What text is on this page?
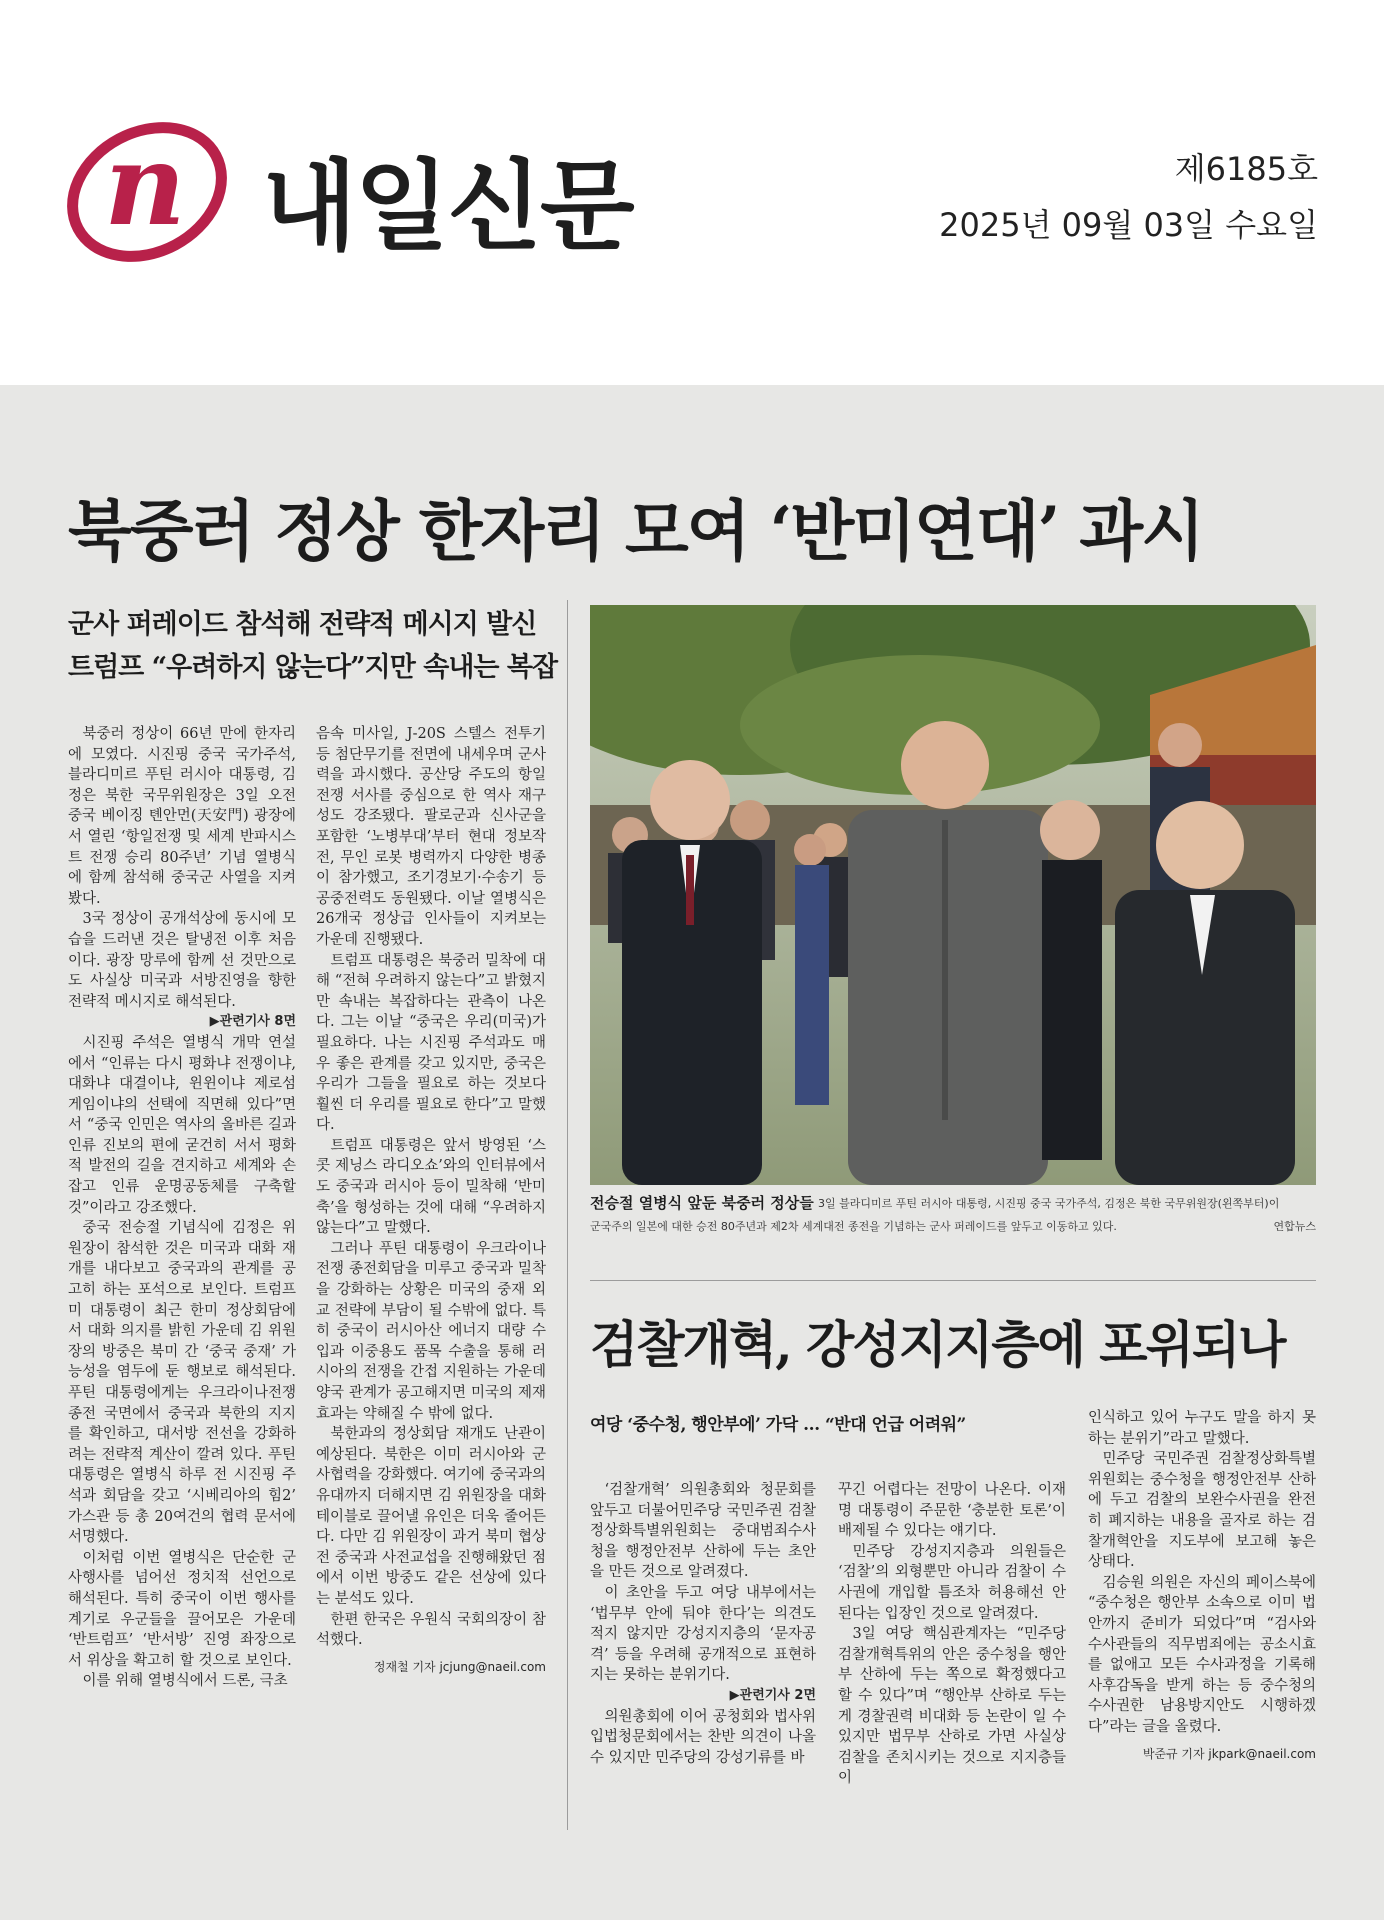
n 내일신문	제6185호
2025년 09월 03일 수요일
북중러 정상 한자리 모여 ‘반미연대’ 과시
군사 퍼레이드 참석해 전략적 메시지 발신
트럼프 “우려하지 않는다”지만 속내는 복잡

북중러 정상이 66년 만에 한자리에 모였다. 시진핑 중국 국가주석, 블라디미르 푸틴 러시아 대통령, 김정은 북한 국무위원장은 3일 오전 중국 베이징 톈안먼(天安門) 광장에서 열린 ‘항일전쟁 및 세계 반파시스트 전쟁 승리 80주년’ 기념 열병식에 함께 참석해 중국군 사열을 지켜봤다.

3국 정상이 공개석상에 동시에 모습을 드러낸 것은 탈냉전 이후 처음이다. 광장 망루에 함께 선 것만으로도 사실상 미국과 서방진영을 향한 전략적 메시지로 해석된다.

▶관련기사 8면

시진핑 주석은 열병식 개막 연설에서 “인류는 다시 평화냐 전쟁이냐, 대화냐 대결이냐, 윈윈이냐 제로섬 게임이냐의 선택에 직면해 있다”면서 “중국 인민은 역사의 올바른 길과 인류 진보의 편에 굳건히 서서 평화적 발전의 길을 견지하고 세계와 손잡고 인류 운명공동체를 구축할 것”이라고 강조했다.

중국 전승절 기념식에 김정은 위원장이 참석한 것은 미국과 대화 재개를 내다보고 중국과의 관계를 공고히 하는 포석으로 보인다. 트럼프 미 대통령이 최근 한미 정상회담에서 대화 의지를 밝힌 가운데 김 위원장의 방중은 북미 간 ‘중국 중재’ 가능성을 염두에 둔 행보로 해석된다. 푸틴 대통령에게는 우크라이나전쟁 종전 국면에서 중국과 북한의 지지를 확인하고, 대서방 전선을 강화하려는 전략적 계산이 깔려 있다. 푸틴 대통령은 열병식 하루 전 시진핑 주석과 회담을 갖고 ‘시베리아의 힘2’ 가스관 등 총 20여건의 협력 문서에 서명했다.

이처럼 이번 열병식은 단순한 군사행사를 넘어선 정치적 선언으로 해석된다. 특히 중국이 이번 행사를 계기로 우군들을 끌어모은 가운데 ‘반트럼프’ ‘반서방’ 진영 좌장으로서 위상을 확고히 할 것으로 보인다.

이를 위해 열병식에서 드론, 극초

음속 미사일, J-20S 스텔스 전투기 등 첨단무기를 전면에 내세우며 군사력을 과시했다. 공산당 주도의 항일전쟁 서사를 중심으로 한 역사 재구성도 강조됐다. 팔로군과 신사군을 포함한 ‘노병부대’부터 현대 정보작전, 무인 로봇 병력까지 다양한 병종이 참가했고, 조기경보기·수송기 등 공중전력도 동원됐다. 이날 열병식은 26개국 정상급 인사들이 지켜보는 가운데 진행됐다.

트럼프 대통령은 북중러 밀착에 대해 “전혀 우려하지 않는다”고 밝혔지만 속내는 복잡하다는 관측이 나온다. 그는 이날 “중국은 우리(미국)가 필요하다. 나는 시진핑 주석과도 매우 좋은 관계를 갖고 있지만, 중국은 우리가 그들을 필요로 하는 것보다 훨씬 더 우리를 필요로 한다”고 말했다.

트럼프 대통령은 앞서 방영된 ‘스콧 제닝스 라디오쇼’와의 인터뷰에서도 중국과 러시아 등이 밀착해 ‘반미 축’을 형성하는 것에 대해 “우려하지 않는다”고 말했다.

그러나 푸틴 대통령이 우크라이나 전쟁 종전회담을 미루고 중국과 밀착을 강화하는 상황은 미국의 중재 외교 전략에 부담이 될 수밖에 없다. 특히 중국이 러시아산 에너지 대량 수입과 이중용도 품목 수출을 통해 러시아의 전쟁을 간접 지원하는 가운데 양국 관계가 공고해지면 미국의 제재 효과는 약해질 수 밖에 없다.

북한과의 정상회담 재개도 난관이 예상된다. 북한은 이미 러시아와 군사협력을 강화했다. 여기에 중국과의 유대까지 더해지면 김 위원장을 대화 테이블로 끌어낼 유인은 더욱 줄어든다. 다만 김 위원장이 과거 북미 협상 전 중국과 사전교섭을 진행해왔던 점에서 이번 방중도 같은 선상에 있다는 분석도 있다.

한편 한국은 우원식 국회의장이 참석했다.

정재철 기자 jcjung@naeil.com

전승절 열병식 앞둔 북중러 정상들 3일 블라디미르 푸틴 러시아 대통령, 시진핑 중국 국가주석, 김정은 북한 국무위원장(왼쪽부터)이
군국주의 일본에 대한 승전 80주년과 제2차 세계대전 종전을 기념하는 군사 퍼레이드를 앞두고 이동하고 있다.	연합뉴스
검찰개혁, 강성지지층에 포위되나
여당 ‘중수청, 행안부에’ 가닥 … “반대 언급 어려워”

‘검찰개혁’ 의원총회와 청문회를 앞두고 더불어민주당 국민주권 검찰정상화특별위원회는 중대범죄수사청을 행정안전부 산하에 두는 초안을 만든 것으로 알려졌다.

이 초안을 두고 여당 내부에서는 ‘법무부 안에 둬야 한다’는 의견도 적지 않지만 강성지지층의 ‘문자공격’ 등을 우려해 공개적으로 표현하지는 못하는 분위기다.

▶관련기사 2면

의원총회에 이어 공청회와 법사위 입법청문회에서는 찬반 의견이 나올 수 있지만 민주당의 강성기류를 바

꾸긴 어렵다는 전망이 나온다. 이재명 대통령이 주문한 ‘충분한 토론’이 배제될 수 있다는 얘기다.

민주당 강성지지층과 의원들은 ‘검찰’의 외형뿐만 아니라 검찰이 수사권에 개입할 틈조차 허용해선 안 된다는 입장인 것으로 알려졌다.

3일 여당 핵심관계자는 “민주당 검찰개혁특위의 안은 중수청을 행안부 산하에 두는 쪽으로 확정했다고 할 수 있다”며 “행안부 산하로 두는 게 경찰권력 비대화 등 논란이 일 수 있지만 법무부 산하로 가면 사실상 검찰을 존치시키는 것으로 지지층들이

인식하고 있어 누구도 말을 하지 못하는 분위기”라고 말했다.

민주당 국민주권 검찰정상화특별위원회는 중수청을 행정안전부 산하에 두고 검찰의 보완수사권을 완전히 폐지하는 내용을 골자로 하는 검찰개혁안을 지도부에 보고해 놓은 상태다.

김승원 의원은 자신의 페이스북에 “중수청은 행안부 소속으로 이미 법안까지 준비가 되었다”며 “검사와 수사관들의 직무범죄에는 공소시효를 없애고 모든 수사과정을 기록해 사후감독을 받게 하는 등 중수청의 수사권한 남용방지안도 시행하겠다”라는 글을 올렸다.

박준규 기자 jkpark@naeil.com
